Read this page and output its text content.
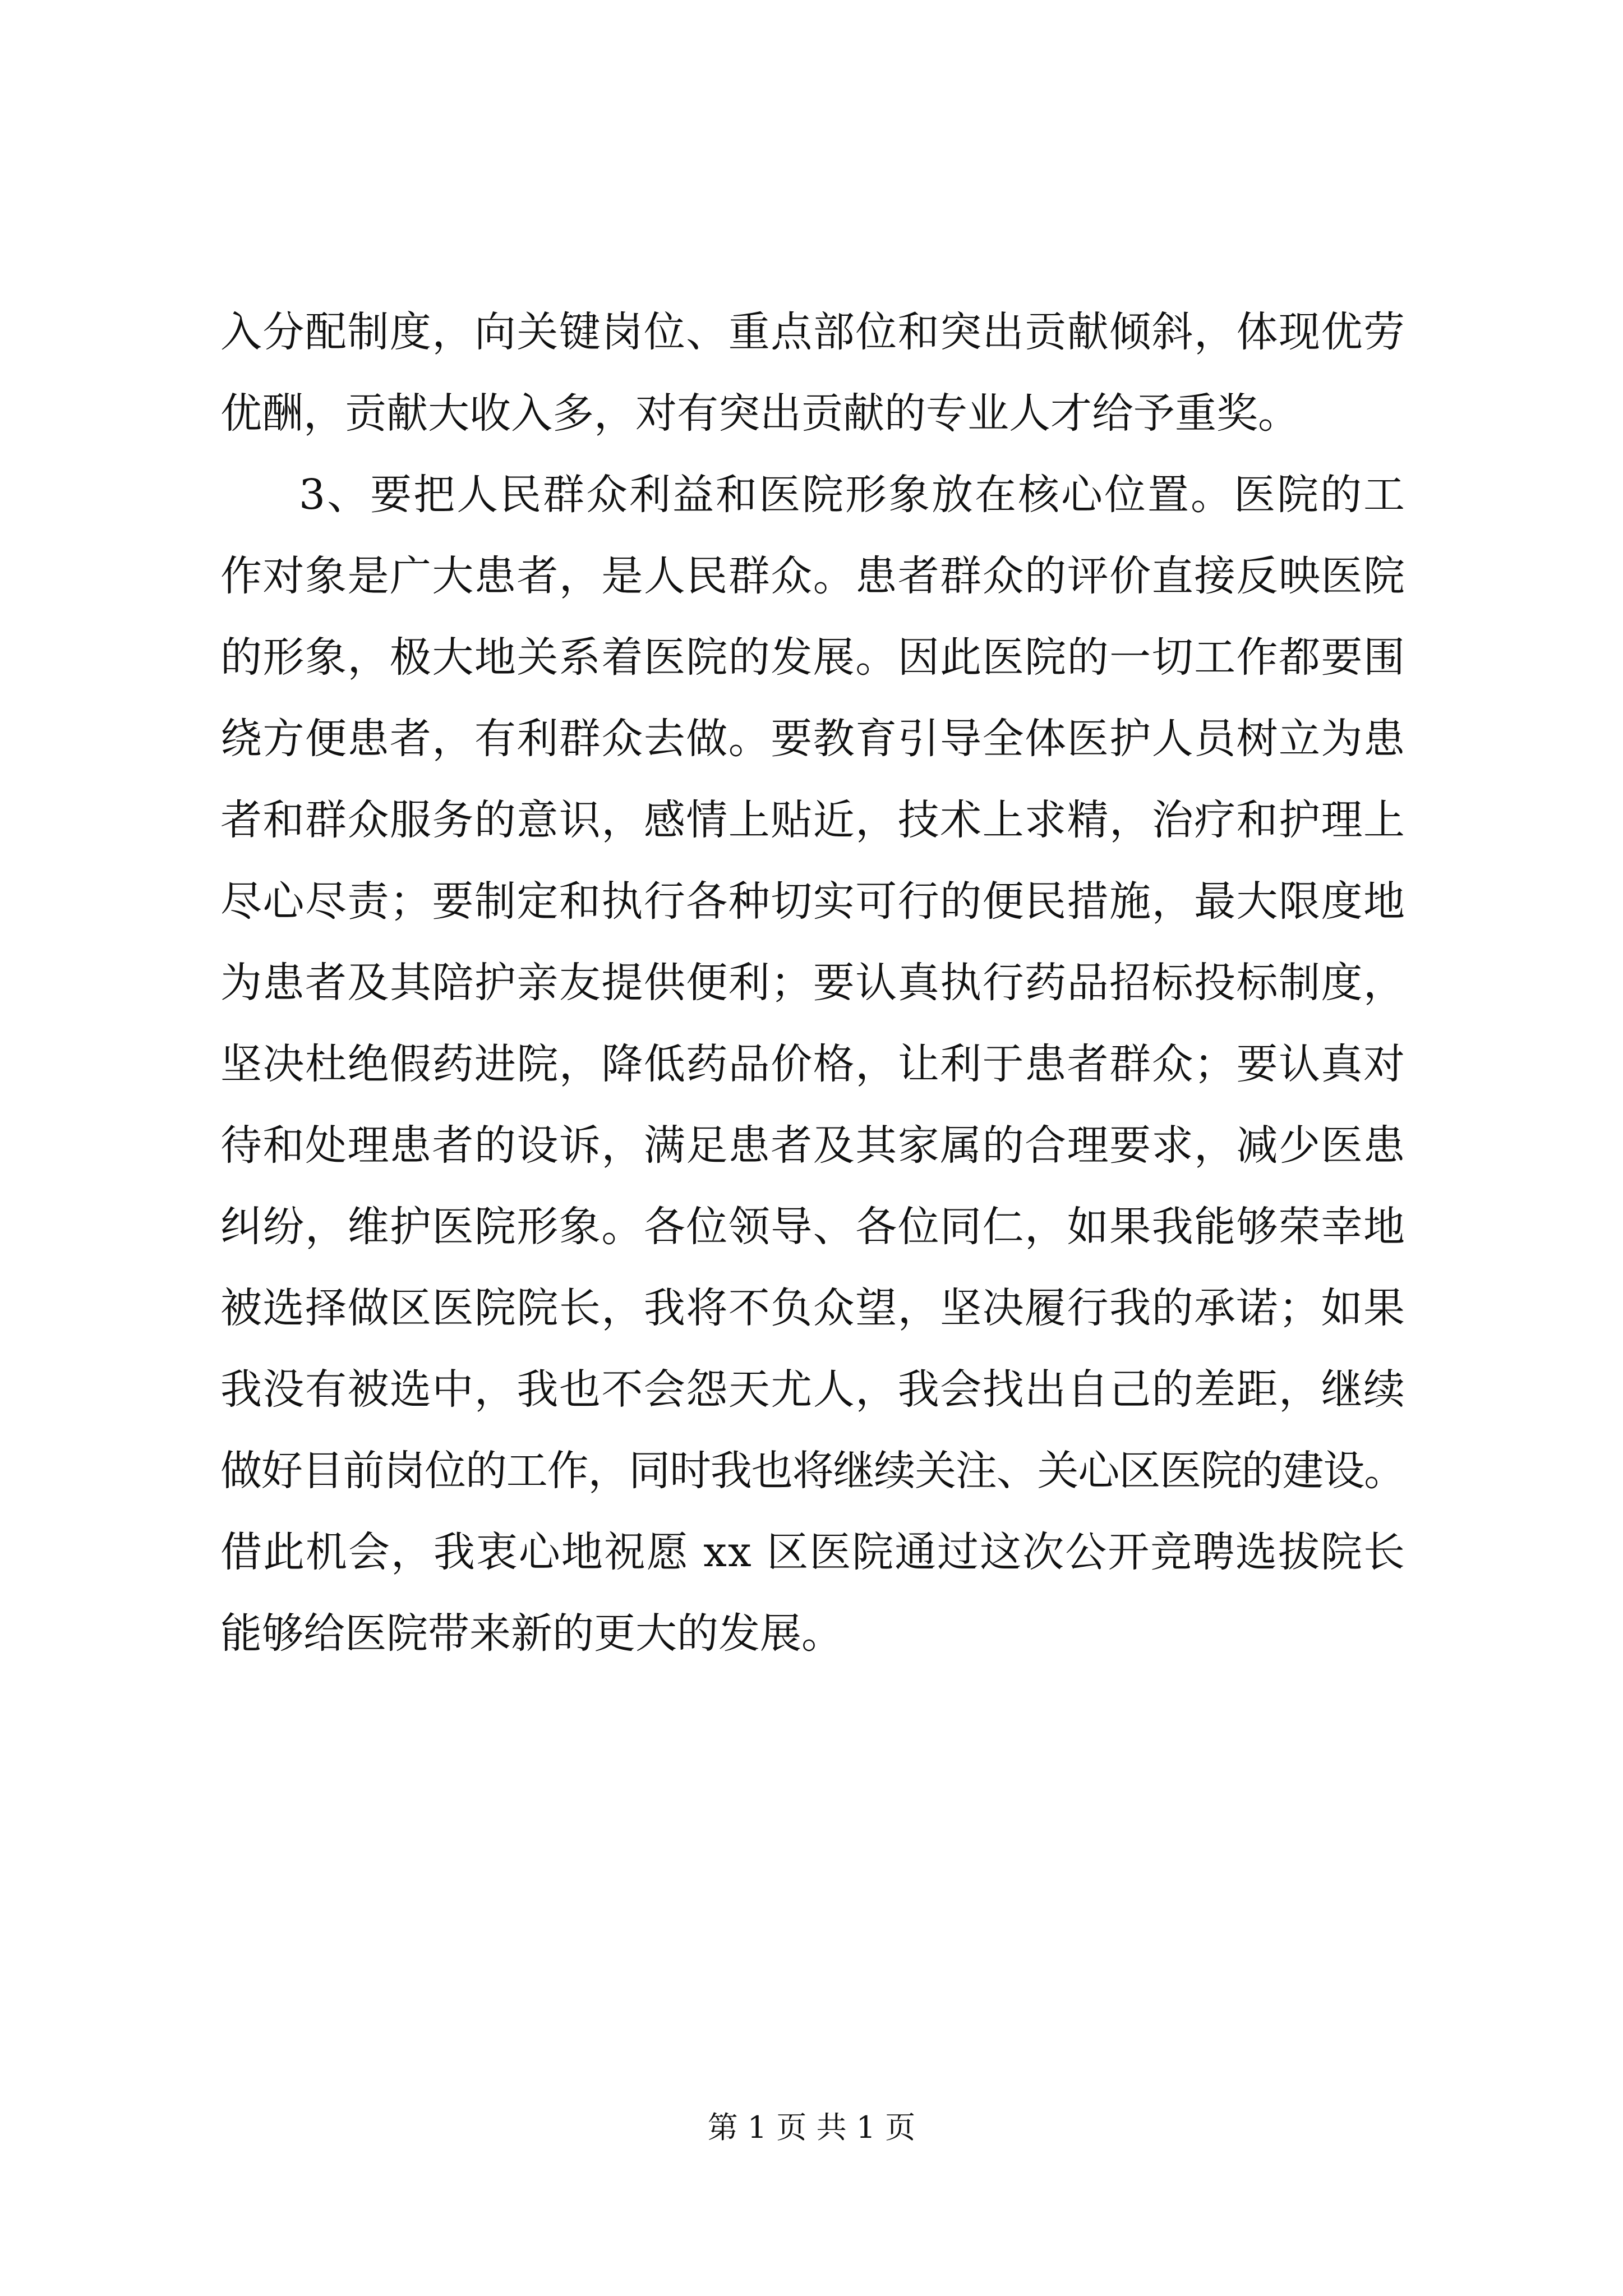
入分配制度，向关键岗位、重点部位和突出贡献倾斜，体现优劳
优酬，贡献大收入多，对有突出贡献的专业人才给予重奖。
3、要把人民群众利益和医院形象放在核心位置。医院的工
作对象是广大患者，是人民群众。患者群众的评价直接反映医院
的形象，极大地关系着医院的发展。因此医院的一切工作都要围
绕方便患者，有利群众去做。要教育引导全体医护人员树立为患
者和群众服务的意识，感情上贴近，技术上求精，治疗和护理上
尽心尽责；要制定和执行各种切实可行的便民措施，最大限度地
为患者及其陪护亲友提供便利；要认真执行药品招标投标制度，
坚决杜绝假药进院，降低药品价格，让利于患者群众；要认真对
待和处理患者的设诉，满足患者及其家属的合理要求，减少医患
纠纷，维护医院形象。各位领导、各位同仁，如果我能够荣幸地
被选择做区医院院长，我将不负众望，坚决履行我的承诺；如果
我没有被选中，我也不会怨天尤人，我会找出自己的差距，继续
做好目前岗位的工作，同时我也将继续关注、关心区医院的建设。
借此机会，我衷心地祝愿 xx 区医院通过这次公开竞聘选拔院长
能够给医院带来新的更大的发展。
第 1 页 共 1 页
